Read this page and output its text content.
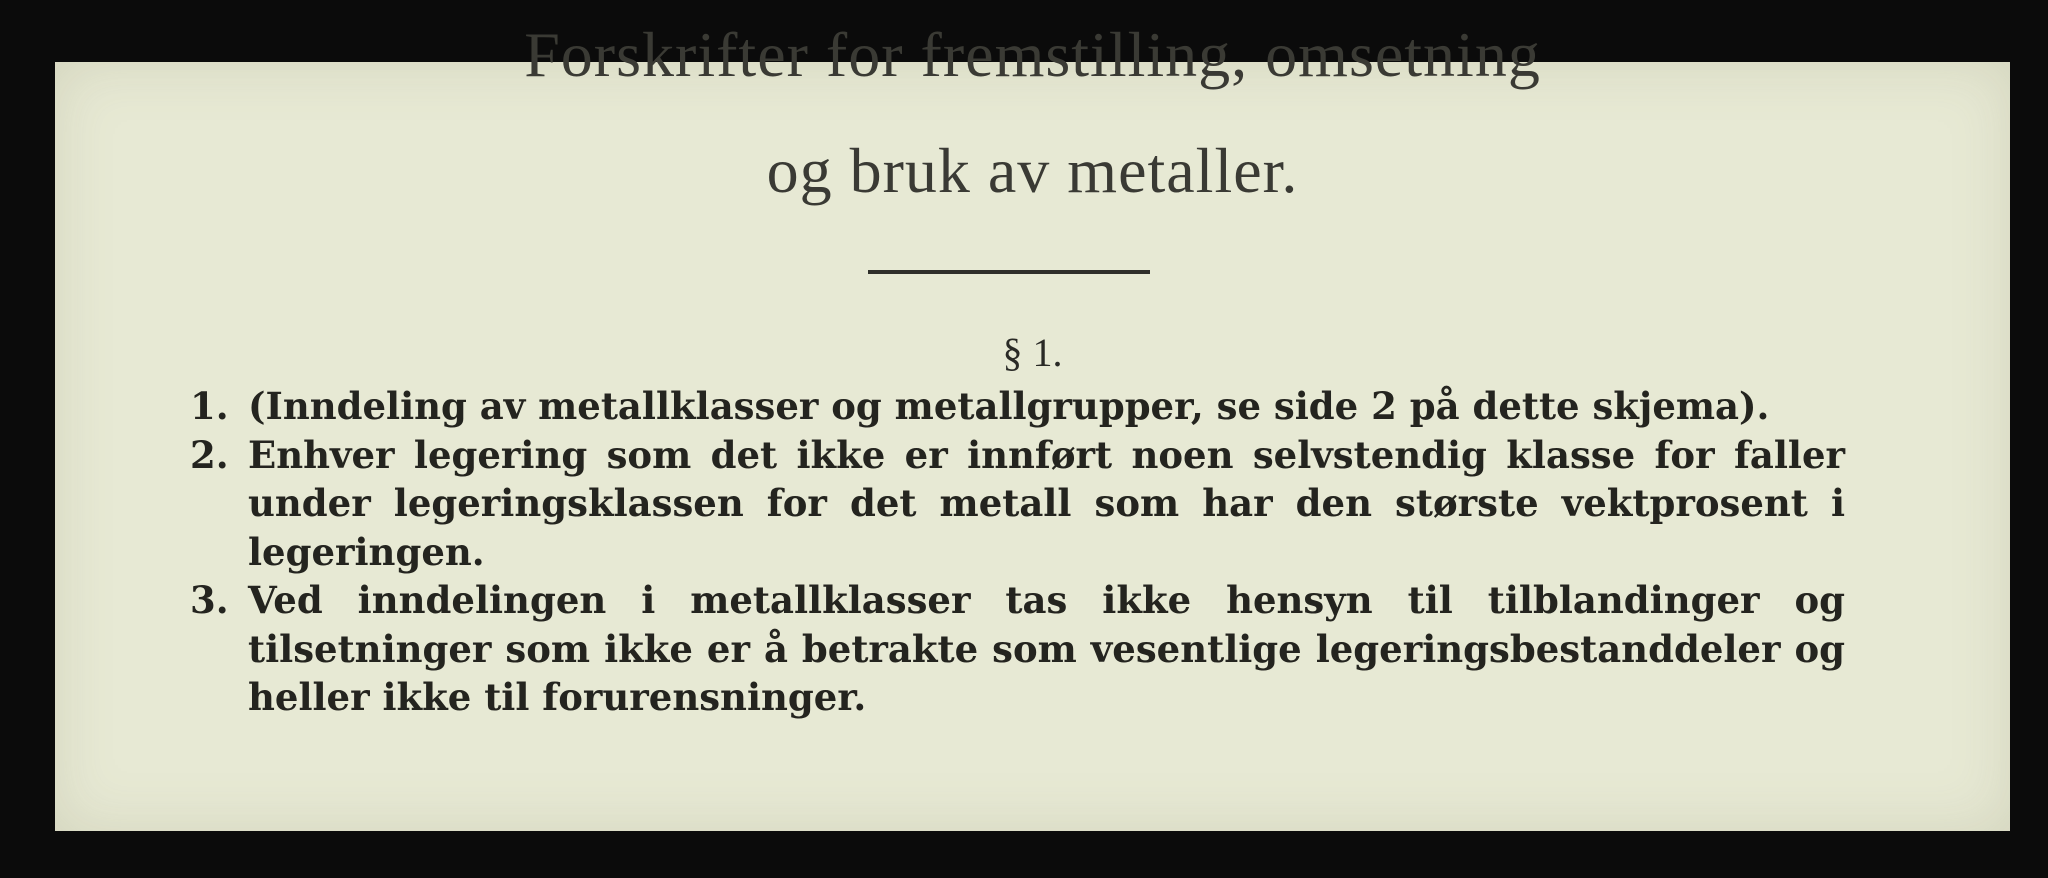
Forskrifter for fremstilling, omsetning
og bruk av metaller.
§ 1.
1. (Inndeling av metallklasser og metallgrupper, se side 2 på dette skjema).
2. Enhver legering som det ikke er innført noen selvstendig klasse for faller under legeringsklassen for det metall som har den største vektprosent i legeringen.
3. Ved inndelingen i metallklasser tas ikke hensyn til tilblandinger og tilsetninger som ikke er å betrakte som vesentlige legeringsbestanddeler og heller ikke til forurensninger.
